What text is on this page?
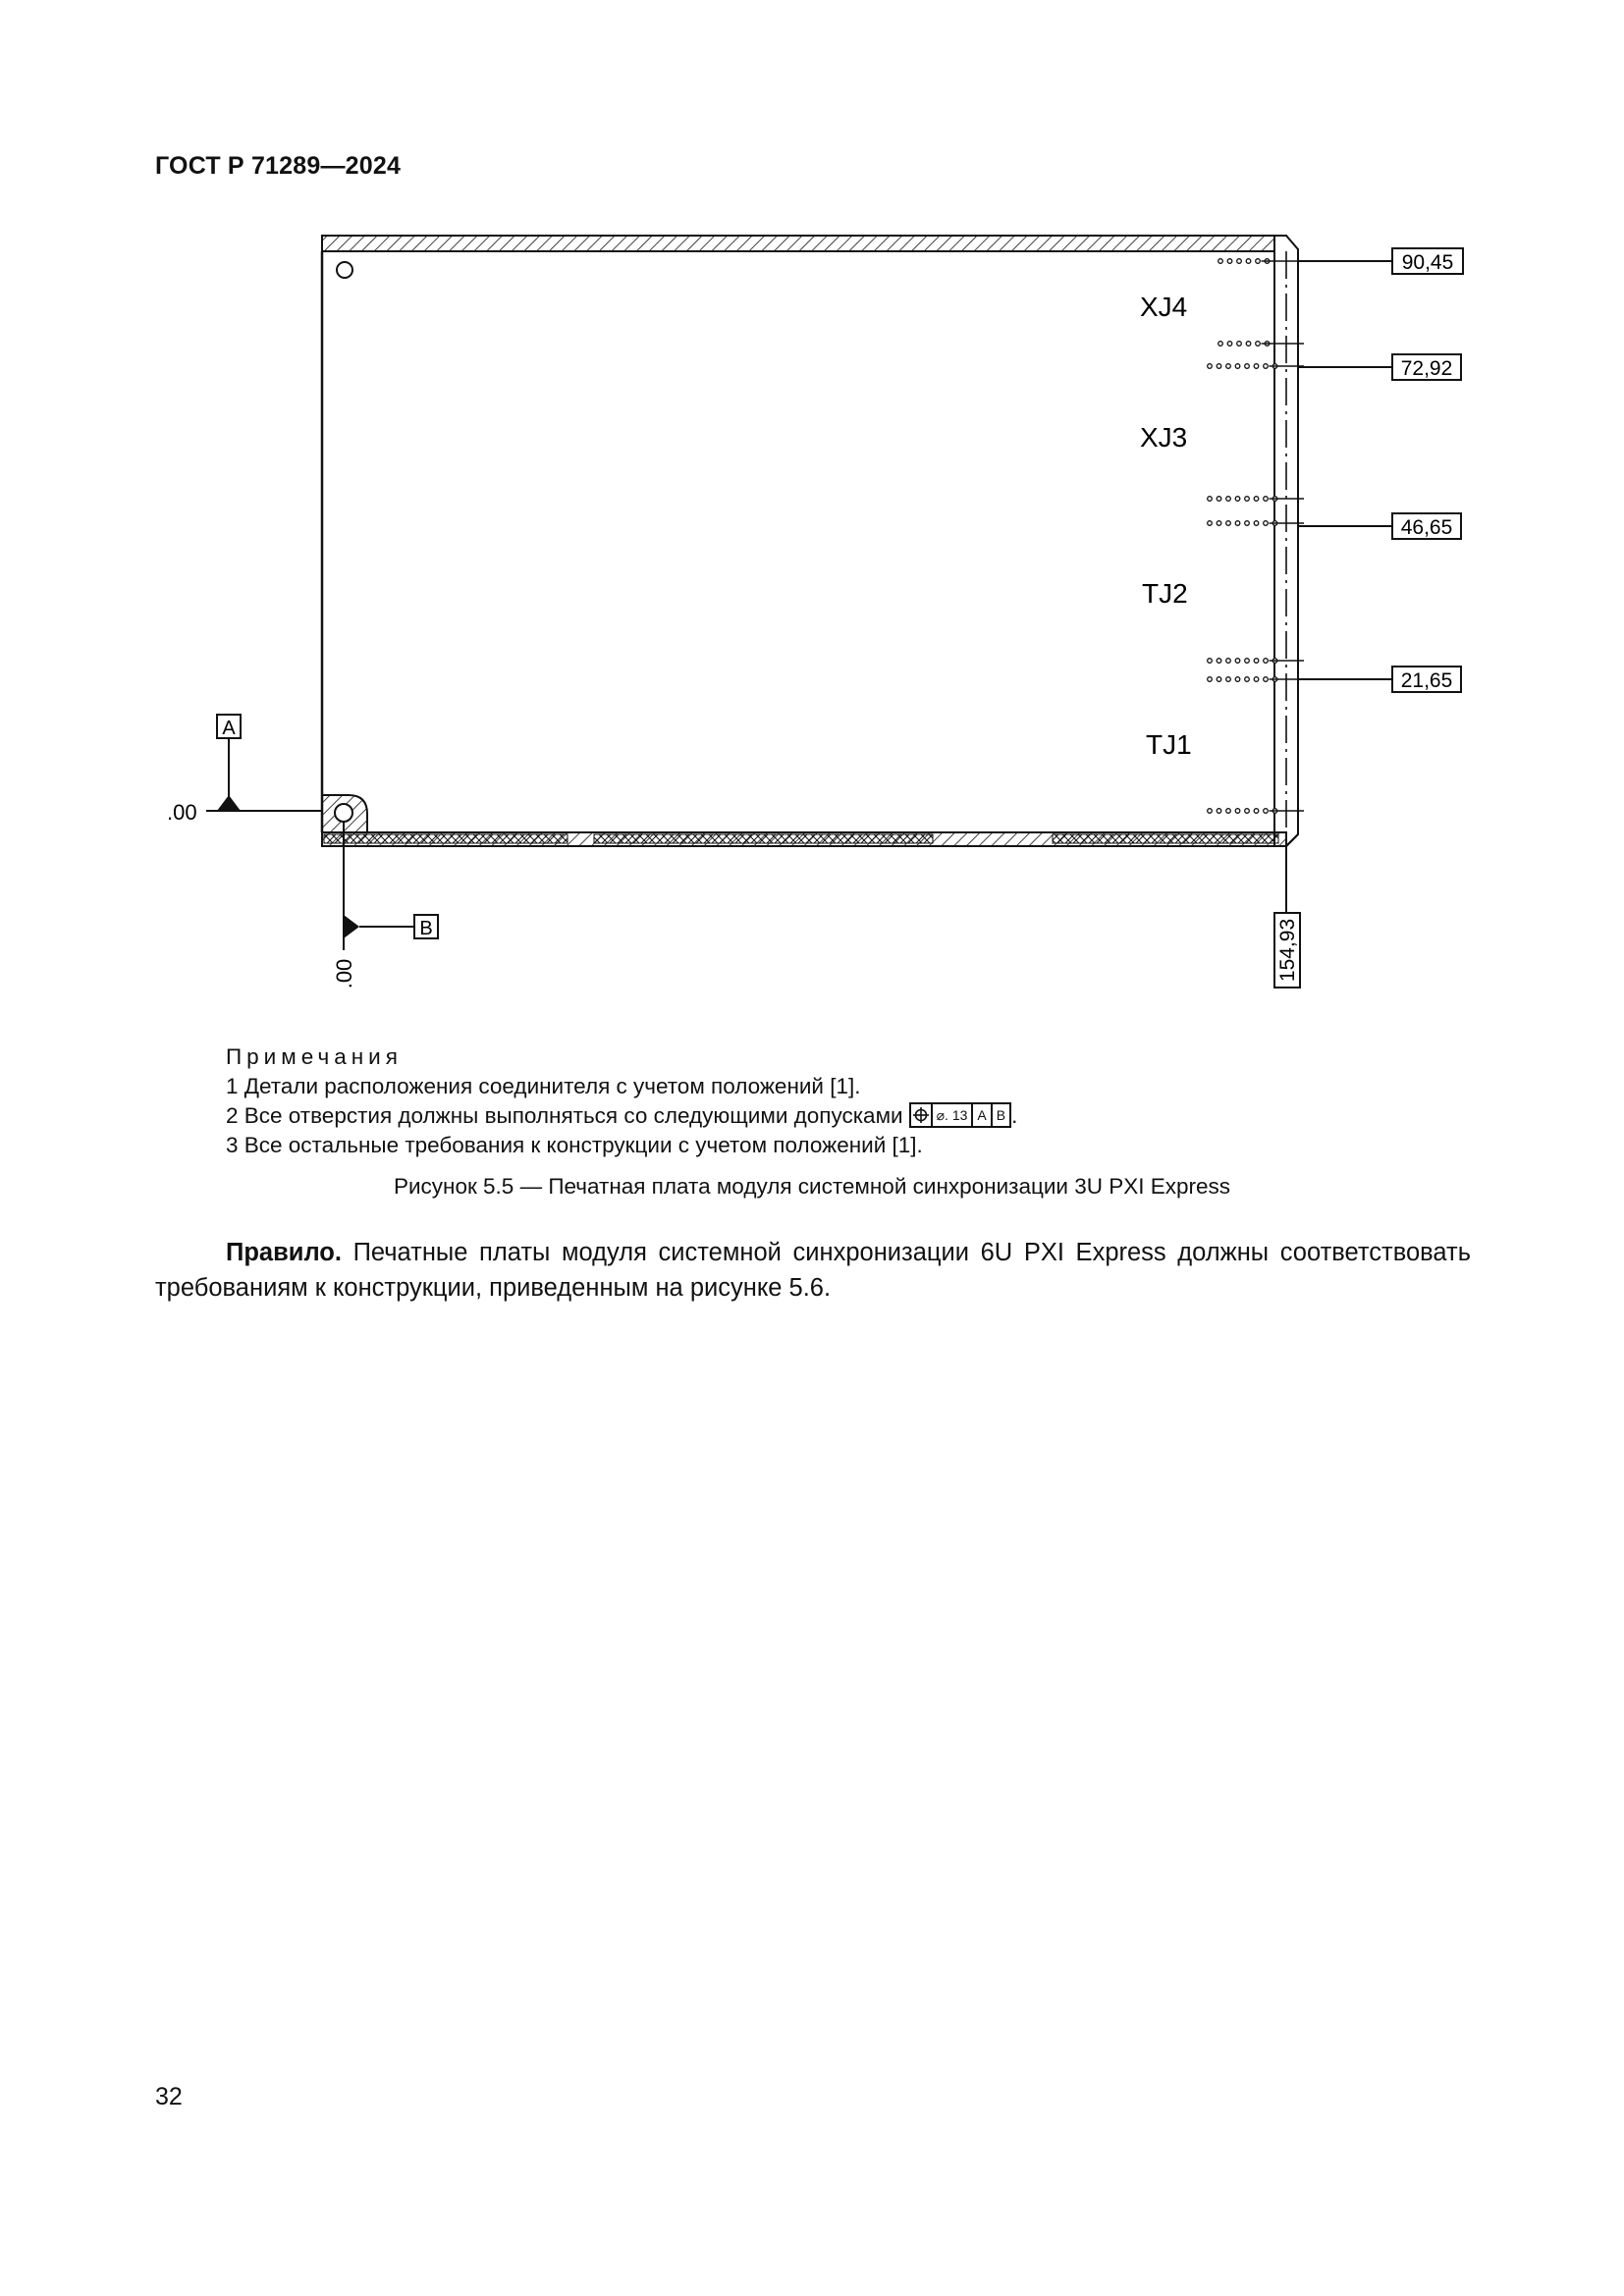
ГОСТ Р 71289—2024
XJ4
XJ3
TJ2
TJ1
90,45
72,92
46,65
21,65
154,93
A
.00
B
.00
Примечания
1 Детали расположения соединителя с учетом положений [1].
2 Все отверстия должны выполняться со следующими допусками ⌀. 13 A B .
3 Все остальные требования к конструкции с учетом положений [1].
Рисунок 5.5 — Печатная плата модуля системной синхронизации 3U PXI Express
Правило. Печатные платы модуля системной синхронизации 6U PXI Express должны соответствовать требованиям к конструкции, приведенным на рисунке 5.6.
32
